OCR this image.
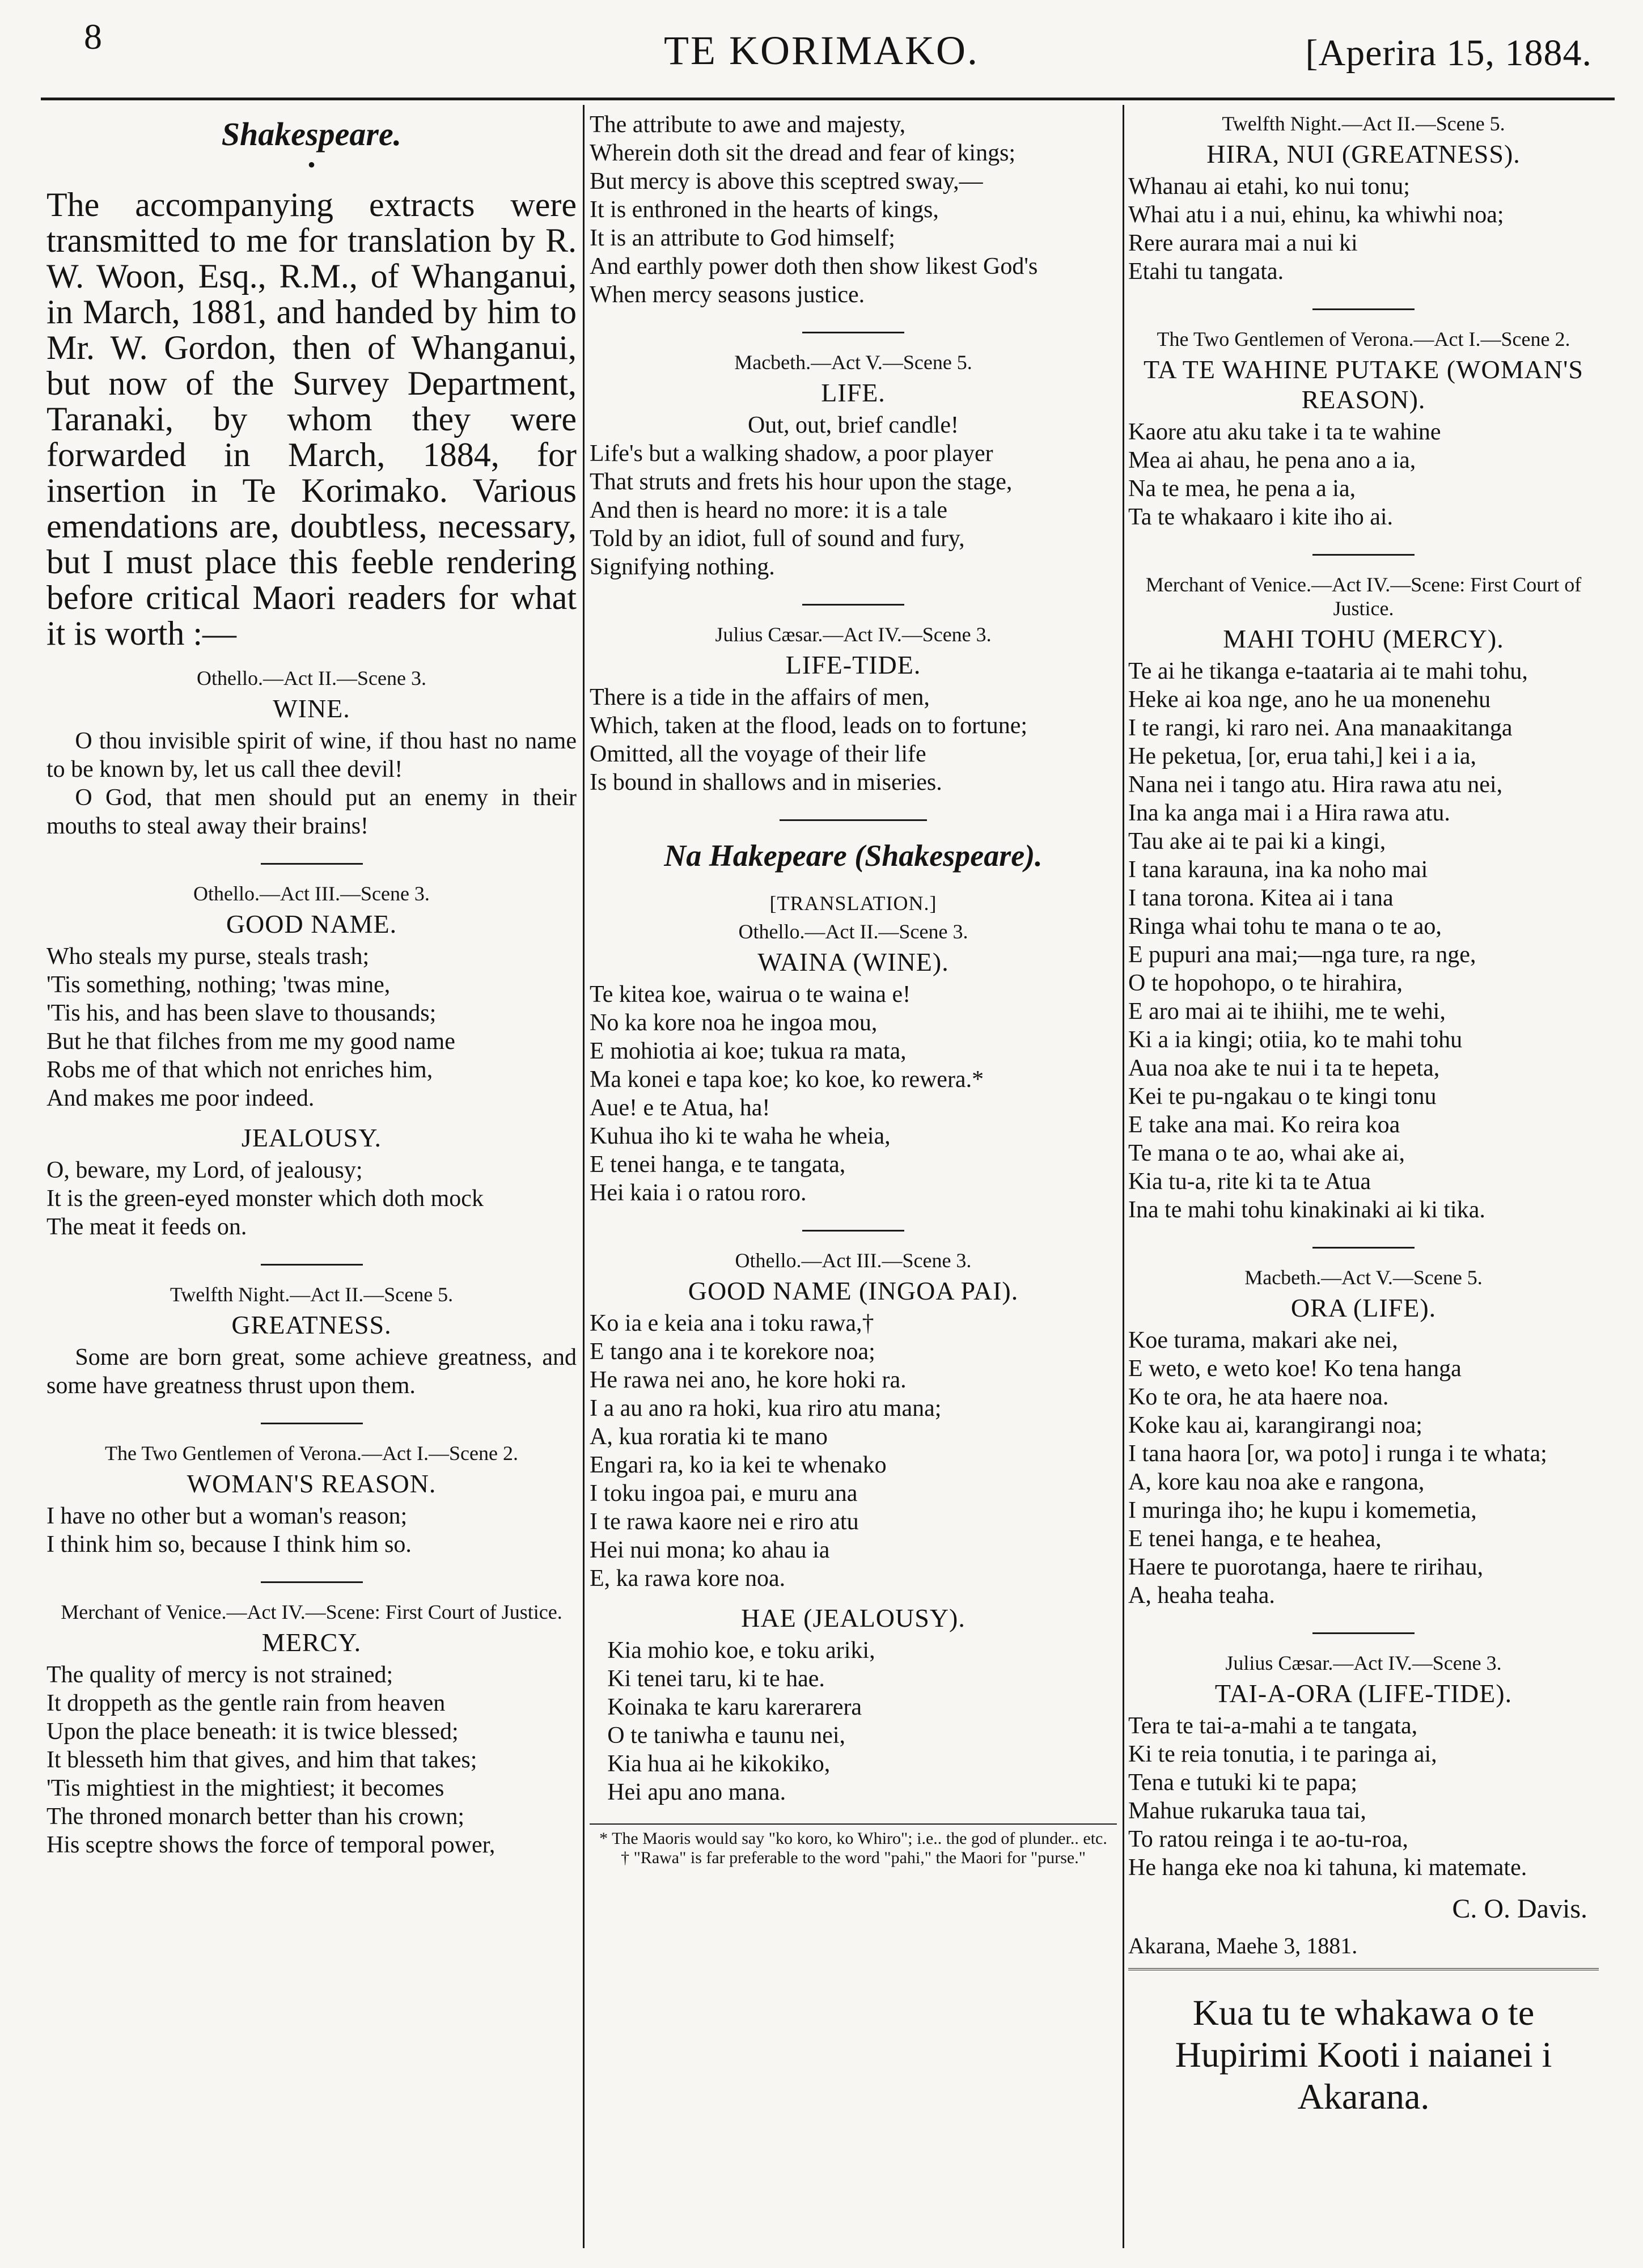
8	TE KORIMAKO.	[Aperira 15, 1884.
Shakespeare.
•

The accompanying extracts were transmitted to me for translation by R. W. Woon, Esq., R.M., of Whanganui, in March, 1881, and handed by him to Mr. W. Gordon, then of Whanganui, but now of the Survey Department, Taranaki, by whom they were forwarded in March, 1884, for insertion in Te Korimako. Various emendations are, doubtless, necessary, but I must place this feeble rendering before critical Maori readers for what it is worth :—

Othello.—Act II.—Scene 3.
WINE.

O thou invisible spirit of wine, if thou hast no name to be known by, let us call thee devil!

O God, that men should put an enemy in their mouths to steal away their brains!

Othello.—Act III.—Scene 3.
GOOD NAME.
Who steals my purse, steals trash;
'Tis something, nothing; 'twas mine,
'Tis his, and has been slave to thousands;
But he that filches from me my good name
Robs me of that which not enriches him,
And makes me poor indeed.
JEALOUSY.
O, beware, my Lord, of jealousy;
It is the green-eyed monster which doth mock
The meat it feeds on.
Twelfth Night.—Act II.—Scene 5.
GREATNESS.

Some are born great, some achieve greatness, and some have greatness thrust upon them.

The Two Gentlemen of Verona.—Act I.—Scene 2.
WOMAN'S REASON.
I have no other but a woman's reason;
I think him so, because I think him so.
Merchant of Venice.—Act IV.—Scene: First Court of Justice.
MERCY.
The quality of mercy is not strained;
It droppeth as the gentle rain from heaven
Upon the place beneath: it is twice blessed;
It blesseth him that gives, and him that takes;
'Tis mightiest in the mightiest; it becomes
The throned monarch better than his crown;
His sceptre shows the force of temporal power,
The attribute to awe and majesty,
Wherein doth sit the dread and fear of kings;
But mercy is above this sceptred sway,—
It is enthroned in the hearts of kings,
It is an attribute to God himself;
And earthly power doth then show likest God's
When mercy seasons justice.
Macbeth.—Act V.—Scene 5.
LIFE.
Out, out, brief candle!
Life's but a walking shadow, a poor player
That struts and frets his hour upon the stage,
And then is heard no more: it is a tale
Told by an idiot, full of sound and fury,
Signifying nothing.
Julius Cæsar.—Act IV.—Scene 3.
LIFE-TIDE.
There is a tide in the affairs of men,
Which, taken at the flood, leads on to fortune;
Omitted, all the voyage of their life
Is bound in shallows and in miseries.
Na Hakepeare (Shakespeare).
[TRANSLATION.]
Othello.—Act II.—Scene 3.
WAINA (WINE).
Te kitea koe, wairua o te waina e!
No ka kore noa he ingoa mou,
E mohiotia ai koe; tukua ra mata,
Ma konei e tapa koe; ko koe, ko rewera.*
Aue! e te Atua, ha!
Kuhua iho ki te waha he wheia,
E tenei hanga, e te tangata,
Hei kaia i o ratou roro.
Othello.—Act III.—Scene 3.
GOOD NAME (INGOA PAI).
Ko ia e keia ana i toku rawa,†
E tango ana i te korekore noa;
He rawa nei ano, he kore hoki ra.
I a au ano ra hoki, kua riro atu mana;
A, kua roratia ki te mano
Engari ra, ko ia kei te whenako
I toku ingoa pai, e muru ana
I te rawa kaore nei e riro atu
Hei nui mona; ko ahau ia
E, ka rawa kore noa.
HAE (JEALOUSY).
Kia mohio koe, e toku ariki,
Ki tenei taru, ki te hae.
Koinaka te karu karerarera
O te taniwha e taunu nei,
Kia hua ai he kikokiko,
Hei apu ano mana.
* The Maoris would say "ko koro, ko Whiro"; i.e.. the god of plunder.. etc.
† "Rawa" is far preferable to the word "pahi," the Maori for "purse."
Twelfth Night.—Act II.—Scene 5.
HIRA, NUI (GREATNESS).
Whanau ai etahi, ko nui tonu;
Whai atu i a nui, ehinu, ka whiwhi noa;
Rere aurara mai a nui ki
Etahi tu tangata.
The Two Gentlemen of Verona.—Act I.—Scene 2.
TA TE WAHINE PUTAKE (WOMAN'S REASON).
Kaore atu aku take i ta te wahine
Mea ai ahau, he pena ano a ia,
Na te mea, he pena a ia,
Ta te whakaaro i kite iho ai.
Merchant of Venice.—Act IV.—Scene: First Court of Justice.
MAHI TOHU (MERCY).
Te ai he tikanga e-taataria ai te mahi tohu,
Heke ai koa nge, ano he ua monenehu
I te rangi, ki raro nei. Ana manaakitanga
He peketua, [or, erua tahi,] kei i a ia,
Nana nei i tango atu. Hira rawa atu nei,
Ina ka anga mai i a Hira rawa atu.
Tau ake ai te pai ki a kingi,
I tana karauna, ina ka noho mai
I tana torona. Kitea ai i tana
Ringa whai tohu te mana o te ao,
E pupuri ana mai;—nga ture, ra nge,
O te hopohopo, o te hirahira,
E aro mai ai te ihiihi, me te wehi,
Ki a ia kingi; otiia, ko te mahi tohu
Aua noa ake te nui i ta te hepeta,
Kei te pu-ngakau o te kingi tonu
E take ana mai. Ko reira koa
Te mana o te ao, whai ake ai,
Kia tu-a, rite ki ta te Atua
Ina te mahi tohu kinakinaki ai ki tika.
Macbeth.—Act V.—Scene 5.
ORA (LIFE).
Koe turama, makari ake nei,
E weto, e weto koe! Ko tena hanga
Ko te ora, he ata haere noa.
Koke kau ai, karangirangi noa;
I tana haora [or, wa poto] i runga i te whata;
A, kore kau noa ake e rangona,
I muringa iho; he kupu i komemetia,
E tenei hanga, e te heahea,
Haere te puorotanga, haere te ririhau,
A, heaha teaha.
Julius Cæsar.—Act IV.—Scene 3.
TAI-A-ORA (LIFE-TIDE).
Tera te tai-a-mahi a te tangata,
Ki te reia tonutia, i te paringa ai,
Tena e tutuki ki te papa;
Mahue rukaruka taua tai,
To ratou reinga i te ao-tu-roa,
He hanga eke noa ki tahuna, ki matemate.
C. O. Davis.
Akarana, Maehe 3, 1881.

Kua tu te whakawa o te Hupirimi Kooti i naianei i Akarana.
